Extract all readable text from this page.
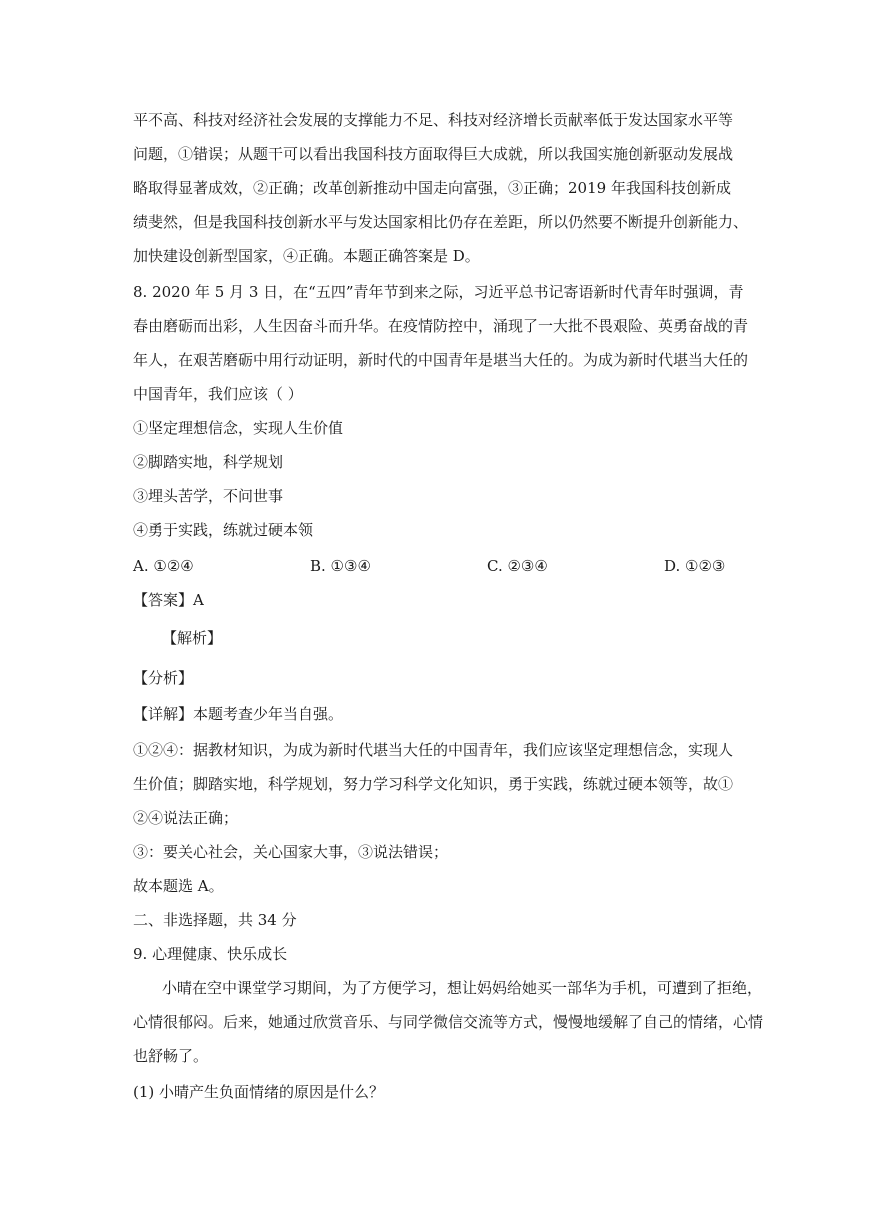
平不高、科技对经济社会发展的支撑能力不足、科技对经济增长贡献率低于发达国家水平等
问题，①错误；从题干可以看出我国科技方面取得巨大成就，所以我国实施创新驱动发展战
略取得显著成效，②正确；改革创新推动中国走向富强，③正确；2019 年我国科技创新成
绩斐然，但是我国科技创新水平与发达国家相比仍存在差距，所以仍然要不断提升创新能力、
加快建设创新型国家，④正确。本题正确答案是 D。
8. 2020 年 5 月 3 日，在“五四”青年节到来之际，习近平总书记寄语新时代青年时强调，青
春由磨砺而出彩，人生因奋斗而升华。在疫情防控中，涌现了一大批不畏艰险、英勇奋战的青
年人，在艰苦磨砺中用行动证明，新时代的中国青年是堪当大任的。为成为新时代堪当大任的
中国青年，我们应该（ ）
①坚定理想信念，实现人生价值
②脚踏实地，科学规划
③埋头苦学，不问世事
④勇于实践，练就过硬本领
A. ①②④	B. ①③④	C. ②③④	D. ①②③
【答案】A
【解析】
【分析】
【详解】本题考查少年当自强。
①②④：据教材知识，为成为新时代堪当大任的中国青年，我们应该坚定理想信念，实现人
生价值；脚踏实地，科学规划，努力学习科学文化知识，勇于实践，练就过硬本领等，故①
②④说法正确；
③：要关心社会，关心国家大事，③说法错误；
故本题选 A。
二、非选择题，共 34 分
9. 心理健康、快乐成长
小晴在空中课堂学习期间，为了方便学习，想让妈妈给她买一部华为手机，可遭到了拒绝，
心情很郁闷。后来，她通过欣赏音乐、与同学微信交流等方式，慢慢地缓解了自己的情绪，心情
也舒畅了。
(1) 小晴产生负面情绪的原因是什么？
